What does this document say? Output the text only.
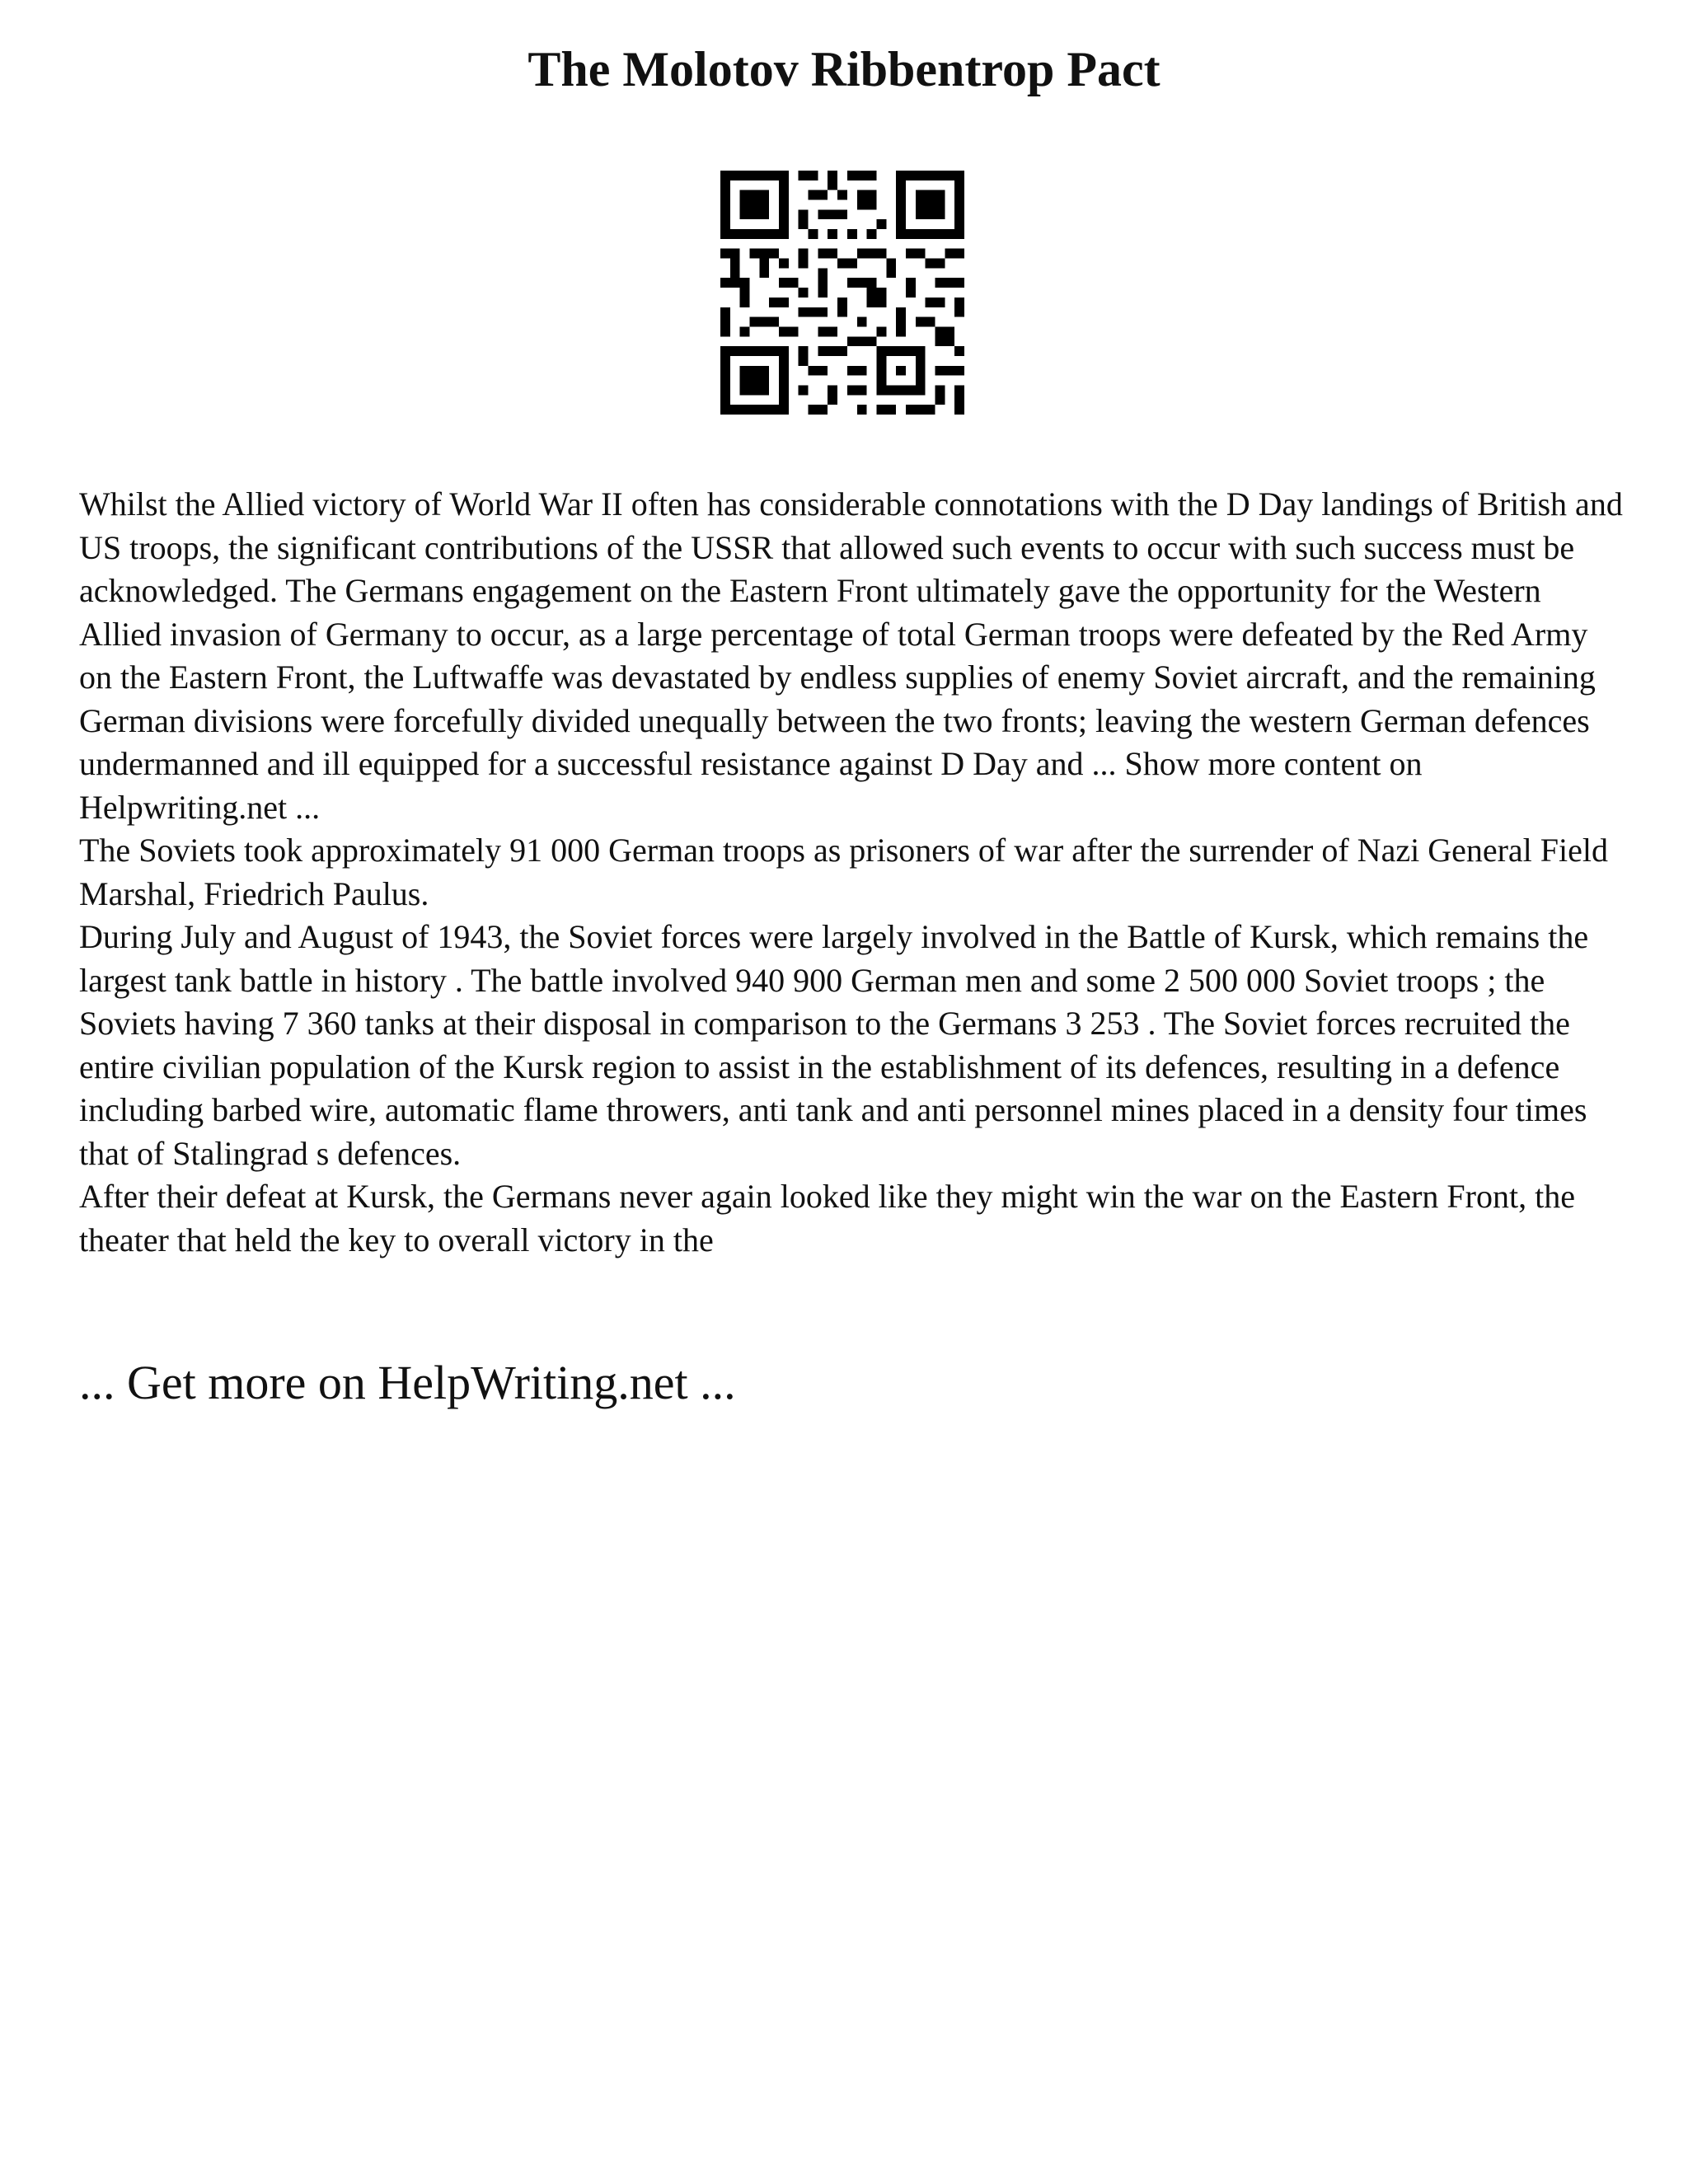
The Molotov Ribbentrop Pact

Whilst the Allied victory of World War II often has considerable connotations with the D Day landings of British and US troops, the significant contributions of the USSR that allowed such events to occur with such success must be acknowledged. The Germans engagement on the Eastern Front ultimately gave the opportunity for the Western Allied invasion of Germany to occur, as a large percentage of total German troops were defeated by the Red Army on the Eastern Front, the Luftwaffe was devastated by endless supplies of enemy Soviet aircraft, and the remaining German divisions were forcefully divided unequally between the two fronts; leaving the western German defences undermanned and ill equipped for a successful resistance against D Day and ... Show more content on Helpwriting.net ...

The Soviets took approximately 91 000 German troops as prisoners of war after the surrender of Nazi General Field Marshal, Friedrich Paulus.

During July and August of 1943, the Soviet forces were largely involved in the Battle of Kursk, which remains the largest tank battle in history . The battle involved 940 900 German men and some 2 500 000 Soviet troops ; the Soviets having 7 360 tanks at their disposal in comparison to the Germans 3 253 . The Soviet forces recruited the entire civilian population of the Kursk region to assist in the establishment of its defences, resulting in a defence including barbed wire, automatic flame throwers, anti tank and anti personnel mines placed in a density four times that of Stalingrad s defences.

After their defeat at Kursk, the Germans never again looked like they might win the war on the Eastern Front, the theater that held the key to overall victory in the

... Get more on HelpWriting.net ...
